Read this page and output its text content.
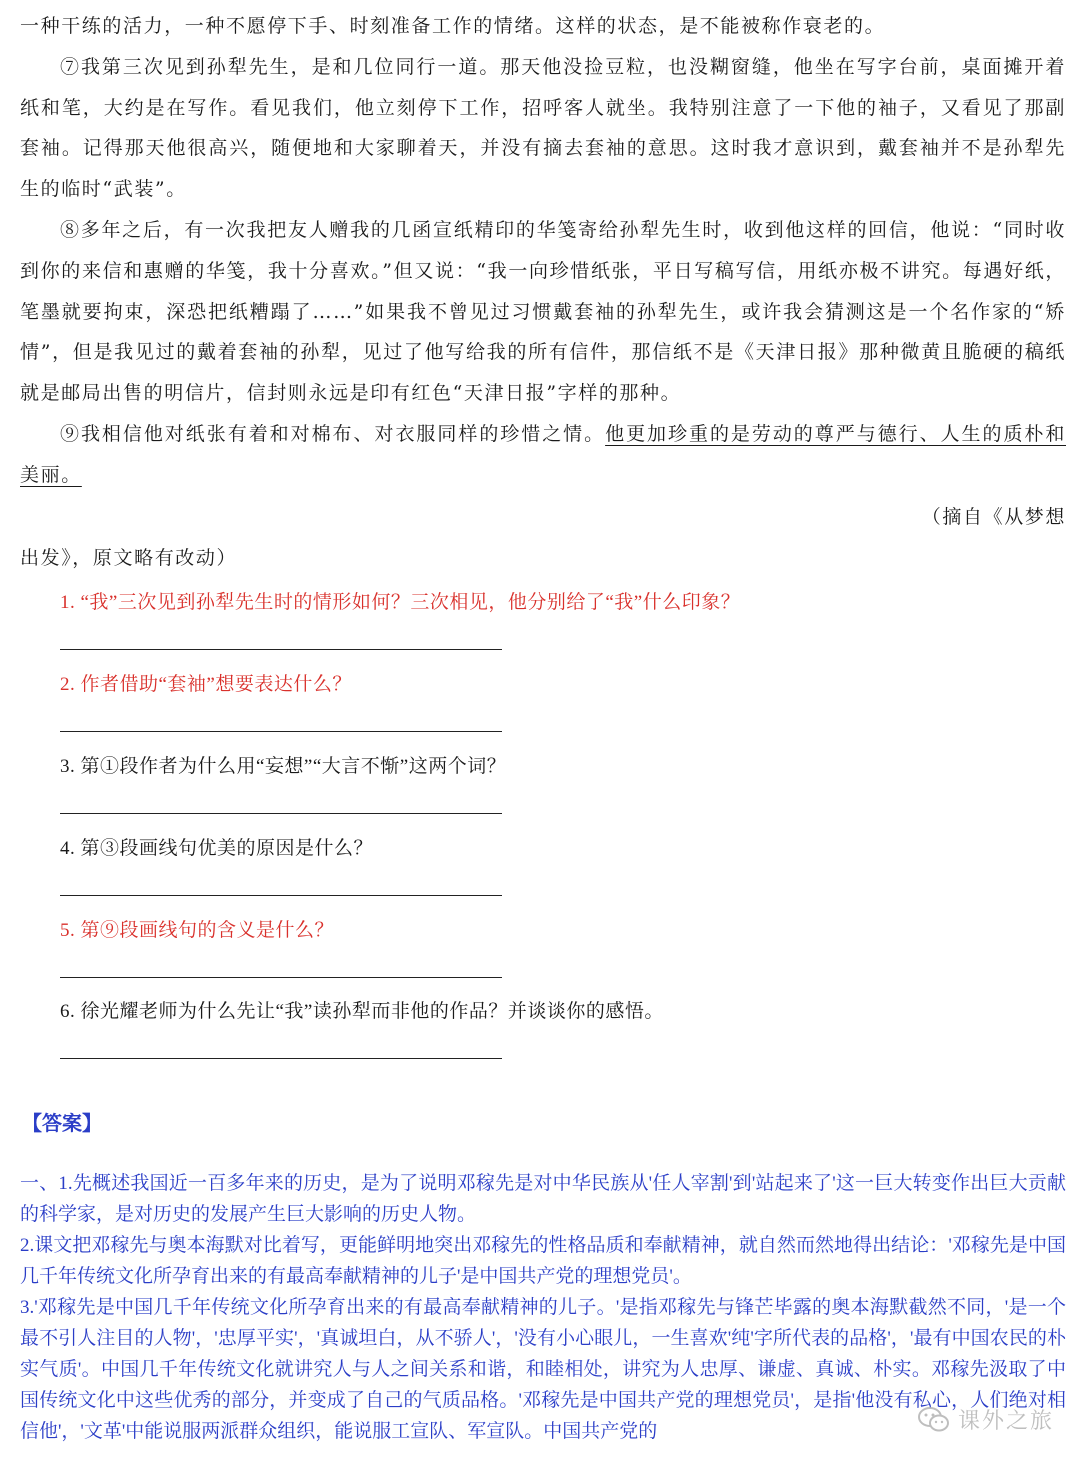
一种干练的活力，一种不愿停下手、时刻准备工作的情绪。这样的状态，是不能被称作衰老的。

⑦我第三次见到孙犁先生，是和几位同行一道。那天他没捡豆粒，也没糊窗缝，他坐在写字台前，桌面摊开着纸和笔，大约是在写作。看见我们，他立刻停下工作，招呼客人就坐。我特别注意了一下他的袖子，又看见了那副套袖。记得那天他很高兴，随便地和大家聊着天，并没有摘去套袖的意思。这时我才意识到，戴套袖并不是孙犁先生的临时“武装”。

⑧多年之后，有一次我把友人赠我的几函宣纸精印的华笺寄给孙犁先生时，收到他这样的回信，他说：“同时收到你的来信和惠赠的华笺，我十分喜欢。”但又说：“我一向珍惜纸张，平日写稿写信，用纸亦极不讲究。每遇好纸，笔墨就要拘束，深恐把纸糟蹋了……”如果我不曾见过习惯戴套袖的孙犁先生，或许我会猜测这是一个名作家的“矫情”，但是我见过的戴着套袖的孙犁，见过了他写给我的所有信件，那信纸不是《天津日报》那种微黄且脆硬的稿纸就是邮局出售的明信片，信封则永远是印有红色“天津日报”字样的那种。

⑨我相信他对纸张有着和对棉布、对衣服同样的珍惜之情。他更加珍重的是劳动的尊严与德行、人生的质朴和美丽。

（摘自《从梦想
出发》，原文略有改动）
1. “我”三次见到孙犁先生时的情形如何？三次相见，他分别给了“我”什么印象？
2. 作者借助“套袖”想要表达什么？
3. 第①段作者为什么用“妄想”“大言不惭”这两个词？
4. 第③段画线句优美的原因是什么？
5. 第⑨段画线句的含义是什么？
6. 徐光耀老师为什么先让“我”读孙犁而非他的作品？并谈谈你的感悟。
【答案】

一、1.先概述我国近一百多年来的历史，是为了说明邓稼先是对中华民族从'任人宰割'到'站起来了'这一巨大转变作出巨大贡献的科学家，是对历史的发展产生巨大影响的历史人物。

2.课文把邓稼先与奥本海默对比着写，更能鲜明地突出邓稼先的性格品质和奉献精神，就自然而然地得出结论：'邓稼先是中国几千年传统文化所孕育出来的有最高奉献精神的儿子'是中国共产党的理想党员'。

3.'邓稼先是中国几千年传统文化所孕育出来的有最高奉献精神的儿子。'是指邓稼先与锋芒毕露的奥本海默截然不同，'是一个最不引人注目的人物'，'忠厚平实'，'真诚坦白，从不骄人'，'没有小心眼儿，一生喜欢'纯'字所代表的品格'，'最有中国农民的朴实气质'。中国几千年传统文化就讲究人与人之间关系和谐，和睦相处，讲究为人忠厚、谦虚、真诚、朴实。邓稼先汲取了中国传统文化中这些优秀的部分，并变成了自己的气质品格。'邓稼先是中国共产党的理想党员'，是指'他没有私心，人们绝对相信他'，'文革'中能说服两派群众组织，能说服工宣队、军宣队。中国共产党的	课外之旅
